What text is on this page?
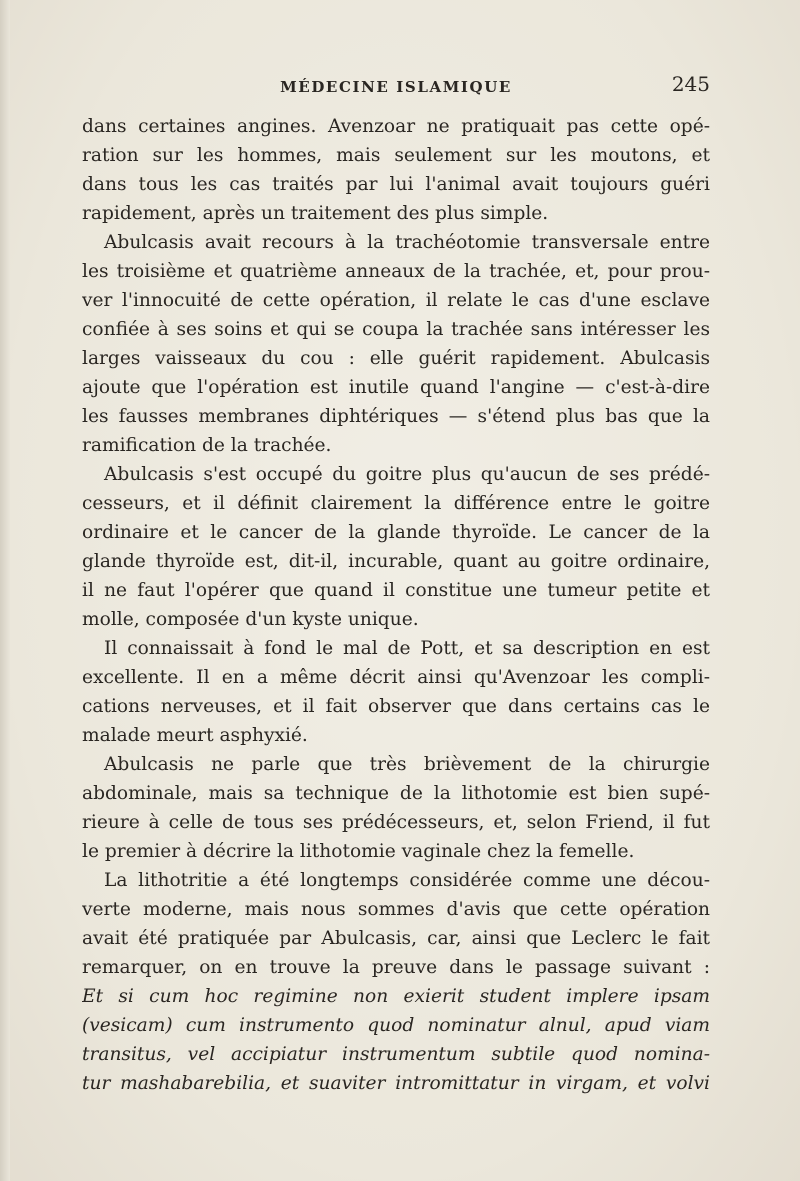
MÉDECINE ISLAMIQUE	245
dans certaines angines. Avenzoar ne pratiquait pas cette opé-
ration sur les hommes, mais seulement sur les moutons, et
dans tous les cas traités par lui l'animal avait toujours guéri
rapidement, après un traitement des plus simple.
Abulcasis avait recours à la trachéotomie transversale entre
les troisième et quatrième anneaux de la trachée, et, pour prou-
ver l'innocuité de cette opération, il relate le cas d'une esclave
confiée à ses soins et qui se coupa la trachée sans intéresser les
larges vaisseaux du cou : elle guérit rapidement. Abulcasis
ajoute que l'opération est inutile quand l'angine — c'est-à-dire
les fausses membranes diphtériques — s'étend plus bas que la
ramification de la trachée.
Abulcasis s'est occupé du goitre plus qu'aucun de ses prédé-
cesseurs, et il définit clairement la différence entre le goitre
ordinaire et le cancer de la glande thyroïde. Le cancer de la
glande thyroïde est, dit-il, incurable, quant au goitre ordinaire,
il ne faut l'opérer que quand il constitue une tumeur petite et
molle, composée d'un kyste unique.
Il connaissait à fond le mal de Pott, et sa description en est
excellente. Il en a même décrit ainsi qu'Avenzoar les compli-
cations nerveuses, et il fait observer que dans certains cas le
malade meurt asphyxié.
Abulcasis ne parle que très brièvement de la chirurgie
abdominale, mais sa technique de la lithotomie est bien supé-
rieure à celle de tous ses prédécesseurs, et, selon Friend, il fut
le premier à décrire la lithotomie vaginale chez la femelle.
La lithotritie a été longtemps considérée comme une décou-
verte moderne, mais nous sommes d'avis que cette opération
avait été pratiquée par Abulcasis, car, ainsi que Leclerc le fait
remarquer, on en trouve la preuve dans le passage suivant :
Et si cum hoc regimine non exierit student implere ipsam
(vesicam) cum instrumento quod nominatur alnul, apud viam
transitus, vel accipiatur instrumentum subtile quod nomina-
tur mashabarebilia, et suaviter intromittatur in virgam, et volvi
